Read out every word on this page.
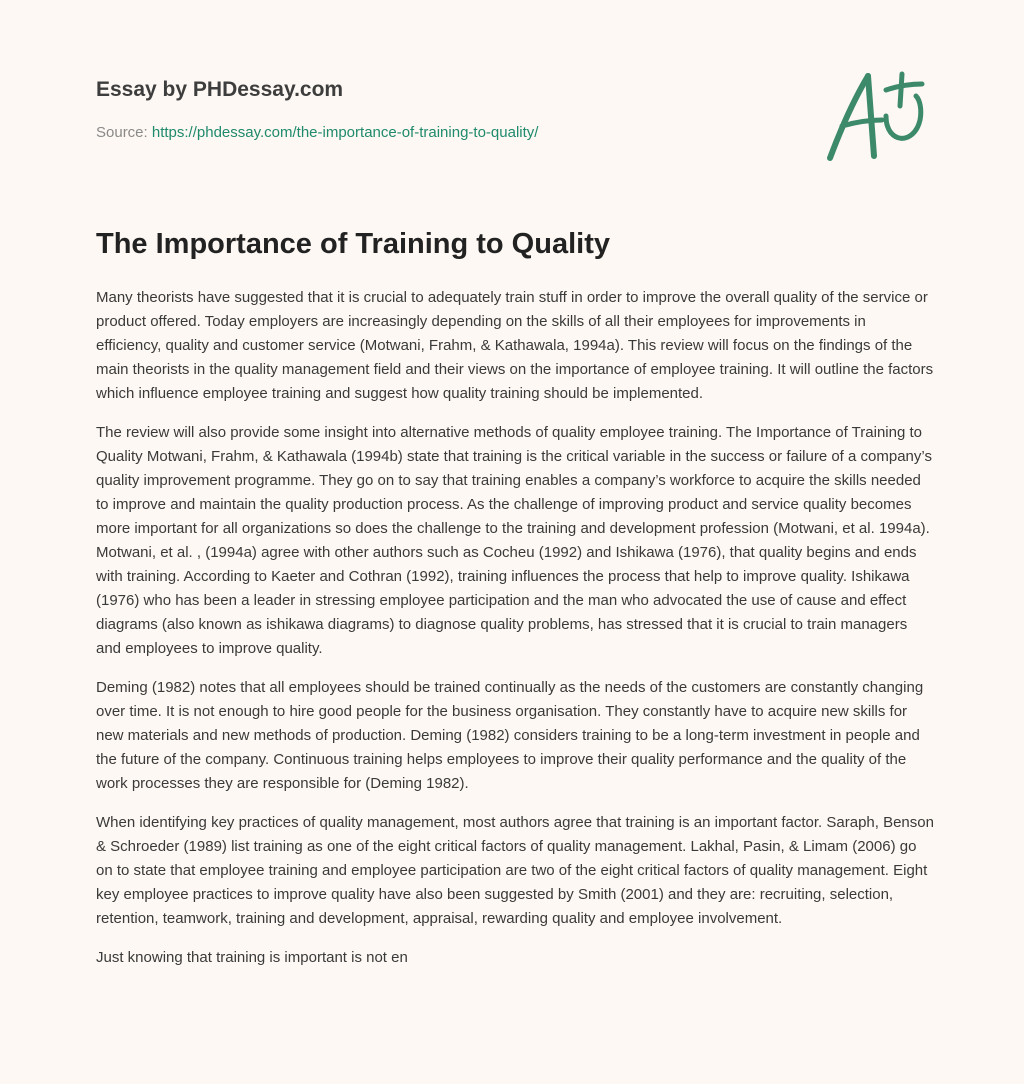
Essay by PHDessay.com
Source: https://phdessay.com/the-importance-of-training-to-quality/
The Importance of Training to Quality

Many theorists have suggested that it is crucial to adequately train stuff in order to improve the overall quality of the service or product offered. Today employers are increasingly depending on the skills of all their employees for improvements in efficiency, quality and customer service (Motwani, Frahm, & Kathawala, 1994a). This review will focus on the findings of the main theorists in the quality management field and their views on the importance of employee training. It will outline the factors which influence employee training and suggest how quality training should be implemented.

The review will also provide some insight into alternative methods of quality employee training. The Importance of Training to Quality Motwani, Frahm, & Kathawala (1994b) state that training is the critical variable in the success or failure of a company’s quality improvement programme. They go on to say that training enables a company’s workforce to acquire the skills needed to improve and maintain the quality production process. As the challenge of improving product and service quality becomes more important for all organizations so does the challenge to the training and development profession (Motwani, et al. 1994a). Motwani, et al. , (1994a) agree with other authors such as Cocheu (1992) and Ishikawa (1976), that quality begins and ends with training. According to Kaeter and Cothran (1992), training influences the process that help to improve quality. Ishikawa (1976) who has been a leader in stressing employee participation and the man who advocated the use of cause and effect diagrams (also known as ishikawa diagrams) to diagnose quality problems, has stressed that it is crucial to train managers and employees to improve quality.

Deming (1982) notes that all employees should be trained continually as the needs of the customers are constantly changing over time. It is not enough to hire good people for the business organisation. They constantly have to acquire new skills for new materials and new methods of production. Deming (1982) considers training to be a long-term investment in people and the future of the company. Continuous training helps employees to improve their quality performance and the quality of the work processes they are responsible for (Deming 1982).

When identifying key practices of quality management, most authors agree that training is an important factor. Saraph, Benson & Schroeder (1989) list training as one of the eight critical factors of quality management. Lakhal, Pasin, & Limam (2006) go on to state that employee training and employee participation are two of the eight critical factors of quality management. Eight key employee practices to improve quality have also been suggested by Smith (2001) and they are: recruiting, selection, retention, teamwork, training and development, appraisal, rewarding quality and employee involvement.

Just knowing that training is important is not en
